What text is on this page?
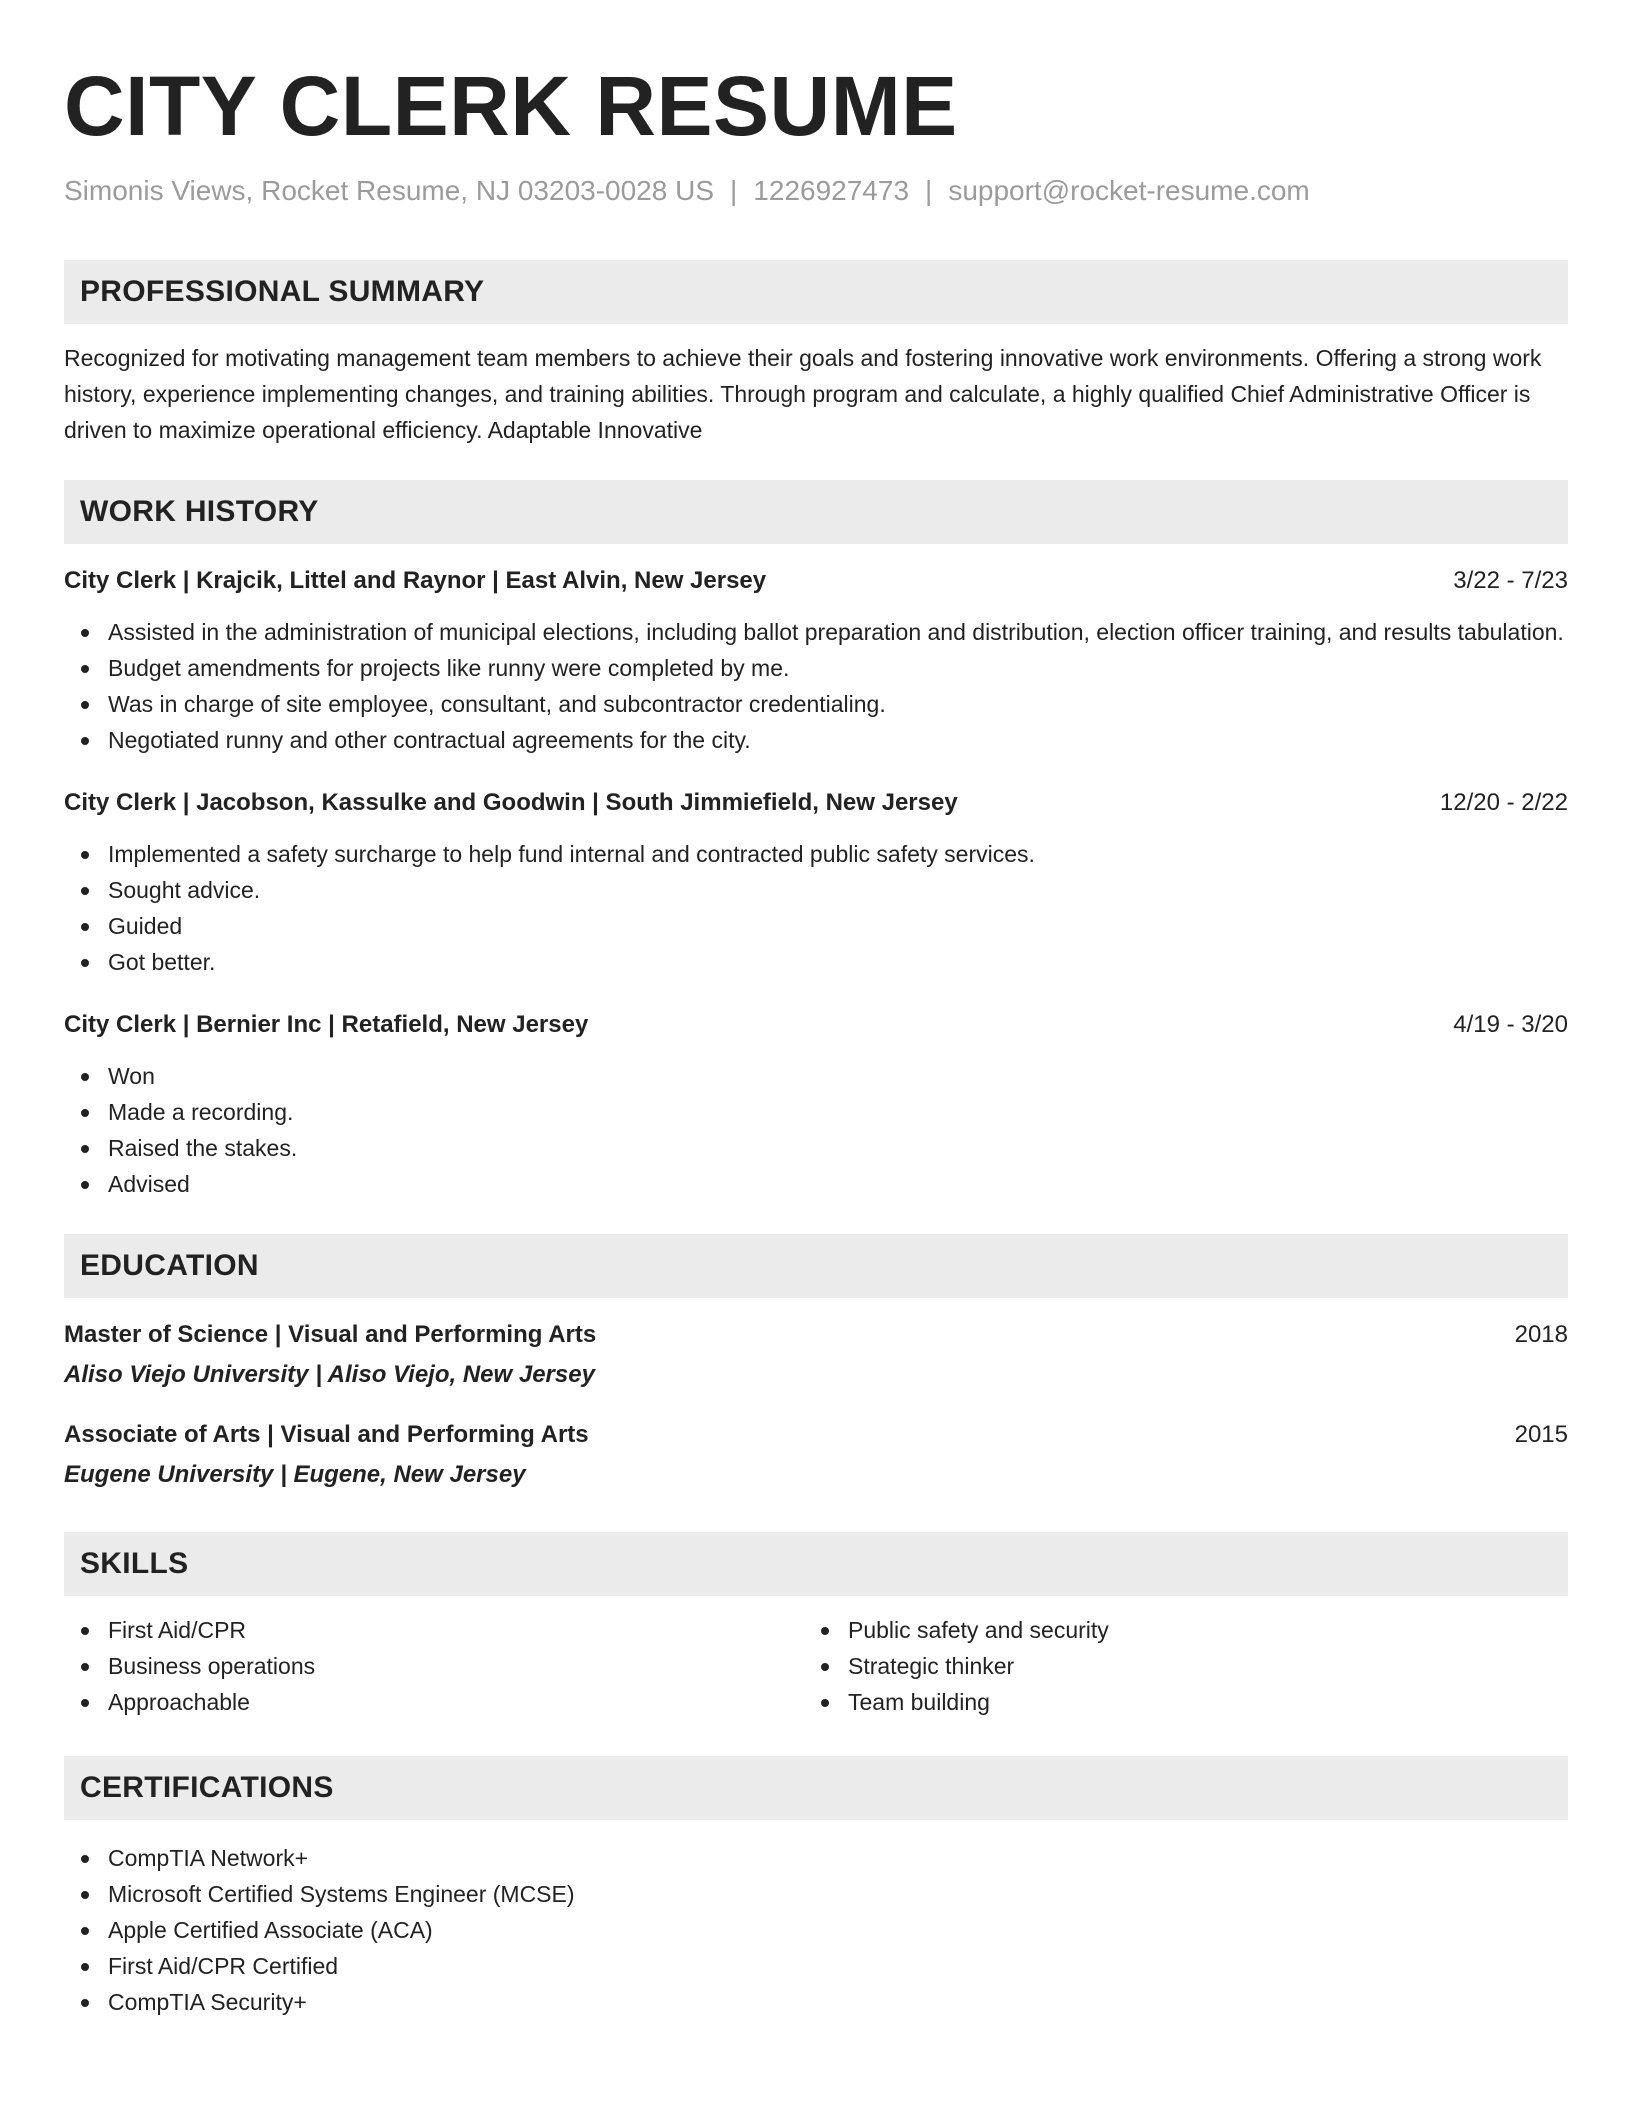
CITY CLERK RESUME
Simonis Views, Rocket Resume, NJ 03203-0028 US | 1226927473 | support@rocket-resume.com
PROFESSIONAL SUMMARY

Recognized for motivating management team members to achieve their goals and fostering innovative work environments. Offering a strong work history, experience implementing changes, and training abilities. Through program and calculate, a highly qualified Chief Administrative Officer is driven to maximize operational efficiency. Adaptable Innovative

WORK HISTORY
City Clerk | Krajcik, Littel and Raynor | East Alvin, New Jersey	3/22 - 7/23
Assisted in the administration of municipal elections, including ballot preparation and distribution, election officer training, and results tabulation.
Budget amendments for projects like runny were completed by me.
Was in charge of site employee, consultant, and subcontractor credentialing.
Negotiated runny and other contractual agreements for the city.
City Clerk | Jacobson, Kassulke and Goodwin | South Jimmiefield, New Jersey	12/20 - 2/22
Implemented a safety surcharge to help fund internal and contracted public safety services.
Sought advice.
Guided
Got better.
City Clerk | Bernier Inc | Retafield, New Jersey	4/19 - 3/20
Won
Made a recording.
Raised the stakes.
Advised
EDUCATION
Master of Science | Visual and Performing Arts	2018
Aliso Viejo University | Aliso Viejo, New Jersey
Associate of Arts | Visual and Performing Arts	2015
Eugene University | Eugene, New Jersey
SKILLS
First Aid/CPR
Business operations
Approachable
Public safety and security
Strategic thinker
Team building
CERTIFICATIONS
CompTIA Network+
Microsoft Certified Systems Engineer (MCSE)
Apple Certified Associate (ACA)
First Aid/CPR Certified
CompTIA Security+
